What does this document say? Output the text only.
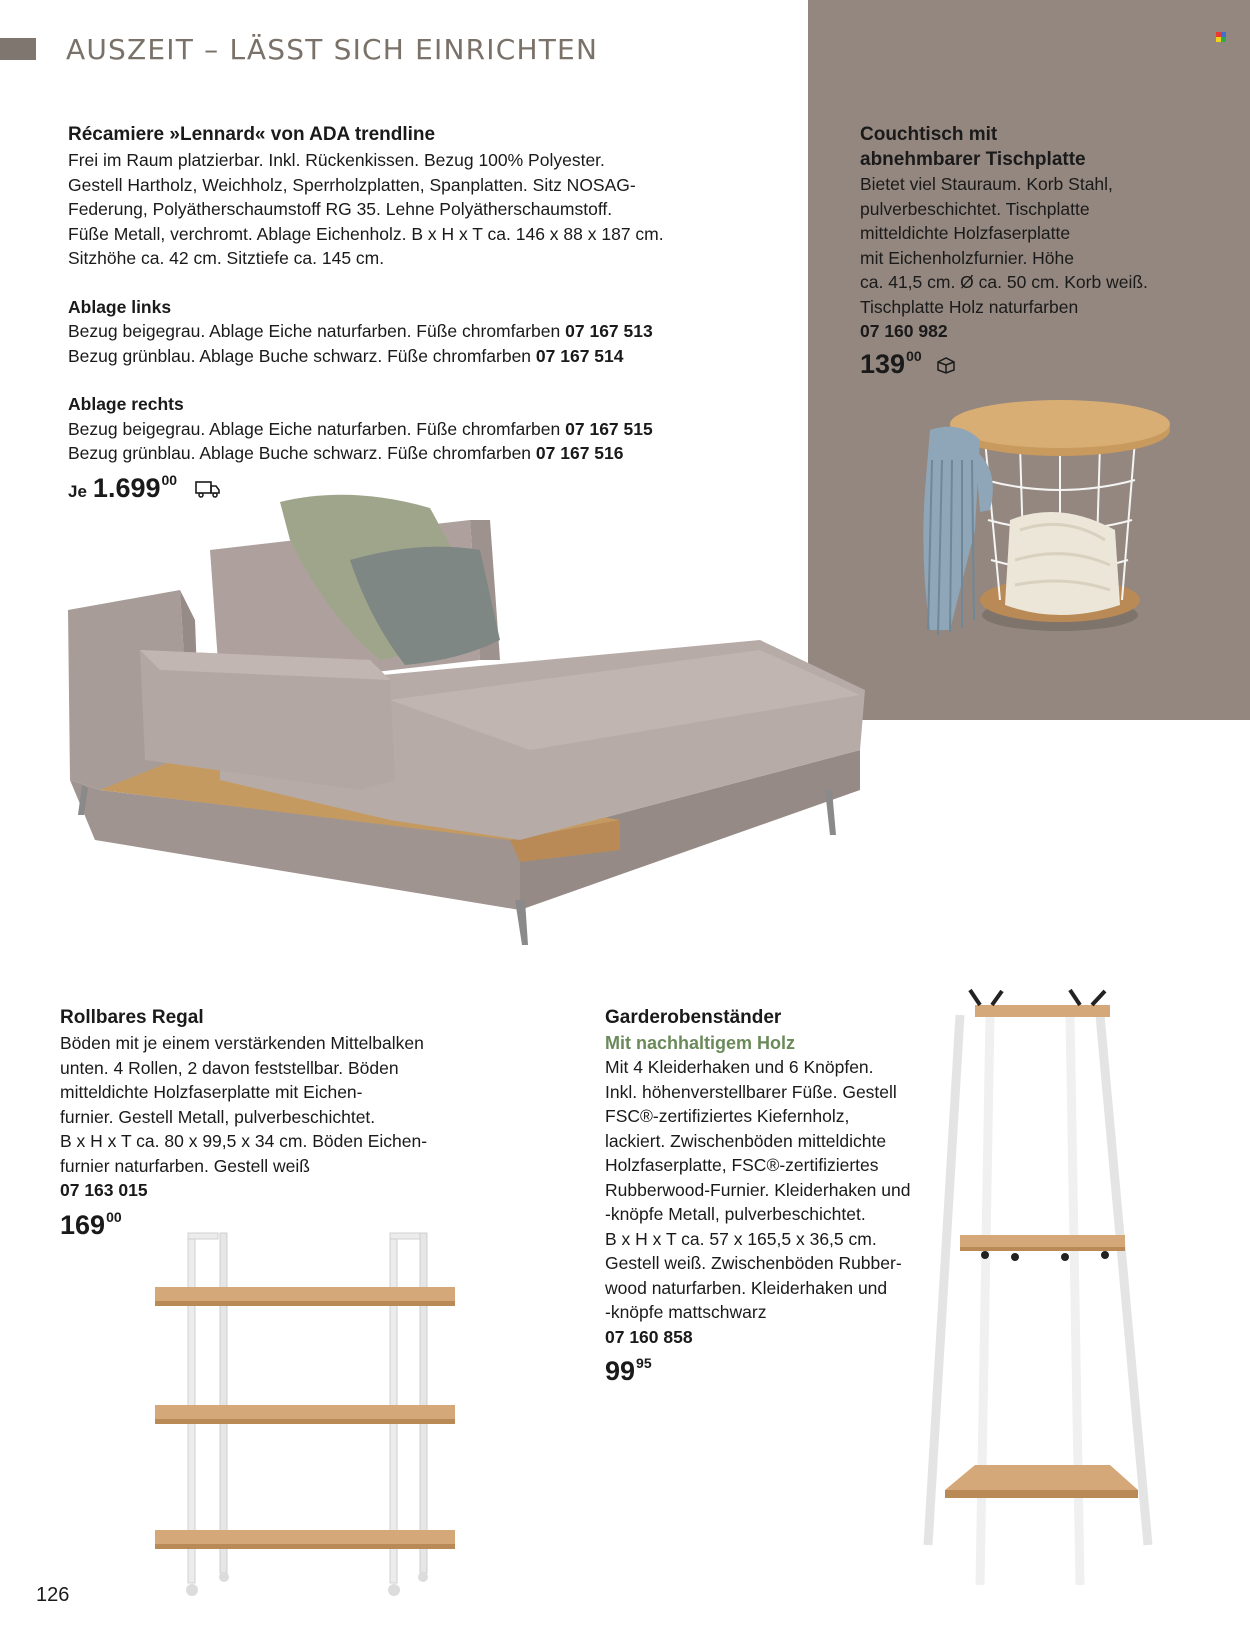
AUSZEIT – LÄSST SICH EINRICHTEN
Récamiere »Lennard« von ADA trendline
Frei im Raum platzierbar. Inkl. Rückenkissen. Bezug 100% Polyester.
Gestell Hartholz, Weichholz, Sperrholzplatten, Spanplatten. Sitz NOSAG-
Federung, Polyätherschaumstoff RG 35. Lehne Polyätherschaumstoff.
Füße Metall, verchromt. Ablage Eichenholz. B x H x T ca. 146 x 88 x 187 cm.
Sitzhöhe ca. 42 cm. Sitztiefe ca. 145 cm.
Ablage links
Bezug beigegrau. Ablage Eiche naturfarben. Füße chromfarben 07 167 513
Bezug grünblau. Ablage Buche schwarz. Füße chromfarben 07 167 514
Ablage rechts
Bezug beigegrau. Ablage Eiche naturfarben. Füße chromfarben 07 167 515
Bezug grünblau. Ablage Buche schwarz. Füße chromfarben 07 167 516
Je 1.699$^{00}$
Couchtisch mit
abnehmbarer Tischplatte
Bietet viel Stauraum. Korb Stahl,
pulverbeschichtet. Tischplatte
mitteldichte Holzfaserplatte
mit Eichenholzfurnier. Höhe
ca. 41,5 cm. Ø ca. 50 cm. Korb weiß.
Tischplatte Holz naturfarben
07 160 982
$139^{00}$
Rollbares Regal
Böden mit je einem verstärkenden Mittelbalken
unten. 4 Rollen, 2 davon feststellbar. Böden
mitteldichte Holzfaserplatte mit Eichen-
furnier. Gestell Metall, pulverbeschichtet.
B x H x T ca. 80 x 99,5 x 34 cm. Böden Eichen-
furnier naturfarben. Gestell weiß
07 163 015
$169^{00}$
Garderobenständer
Mit nachhaltigem Holz
Mit 4 Kleiderhaken und 6 Knöpfen.
Inkl. höhenverstellbarer Füße. Gestell
FSC®-zertifiziertes Kiefernholz,
lackiert. Zwischenböden mitteldichte
Holzfaserplatte, FSC®-zertifiziertes
Rubberwood-Furnier. Kleiderhaken und
-knöpfe Metall, pulverbeschichtet.
B x H x T ca. 57 x 165,5 x 36,5 cm.
Gestell weiß. Zwischenböden Rubber-
wood naturfarben. Kleiderhaken und
-knöpfe mattschwarz
07 160 858
$99^{95}$
126
